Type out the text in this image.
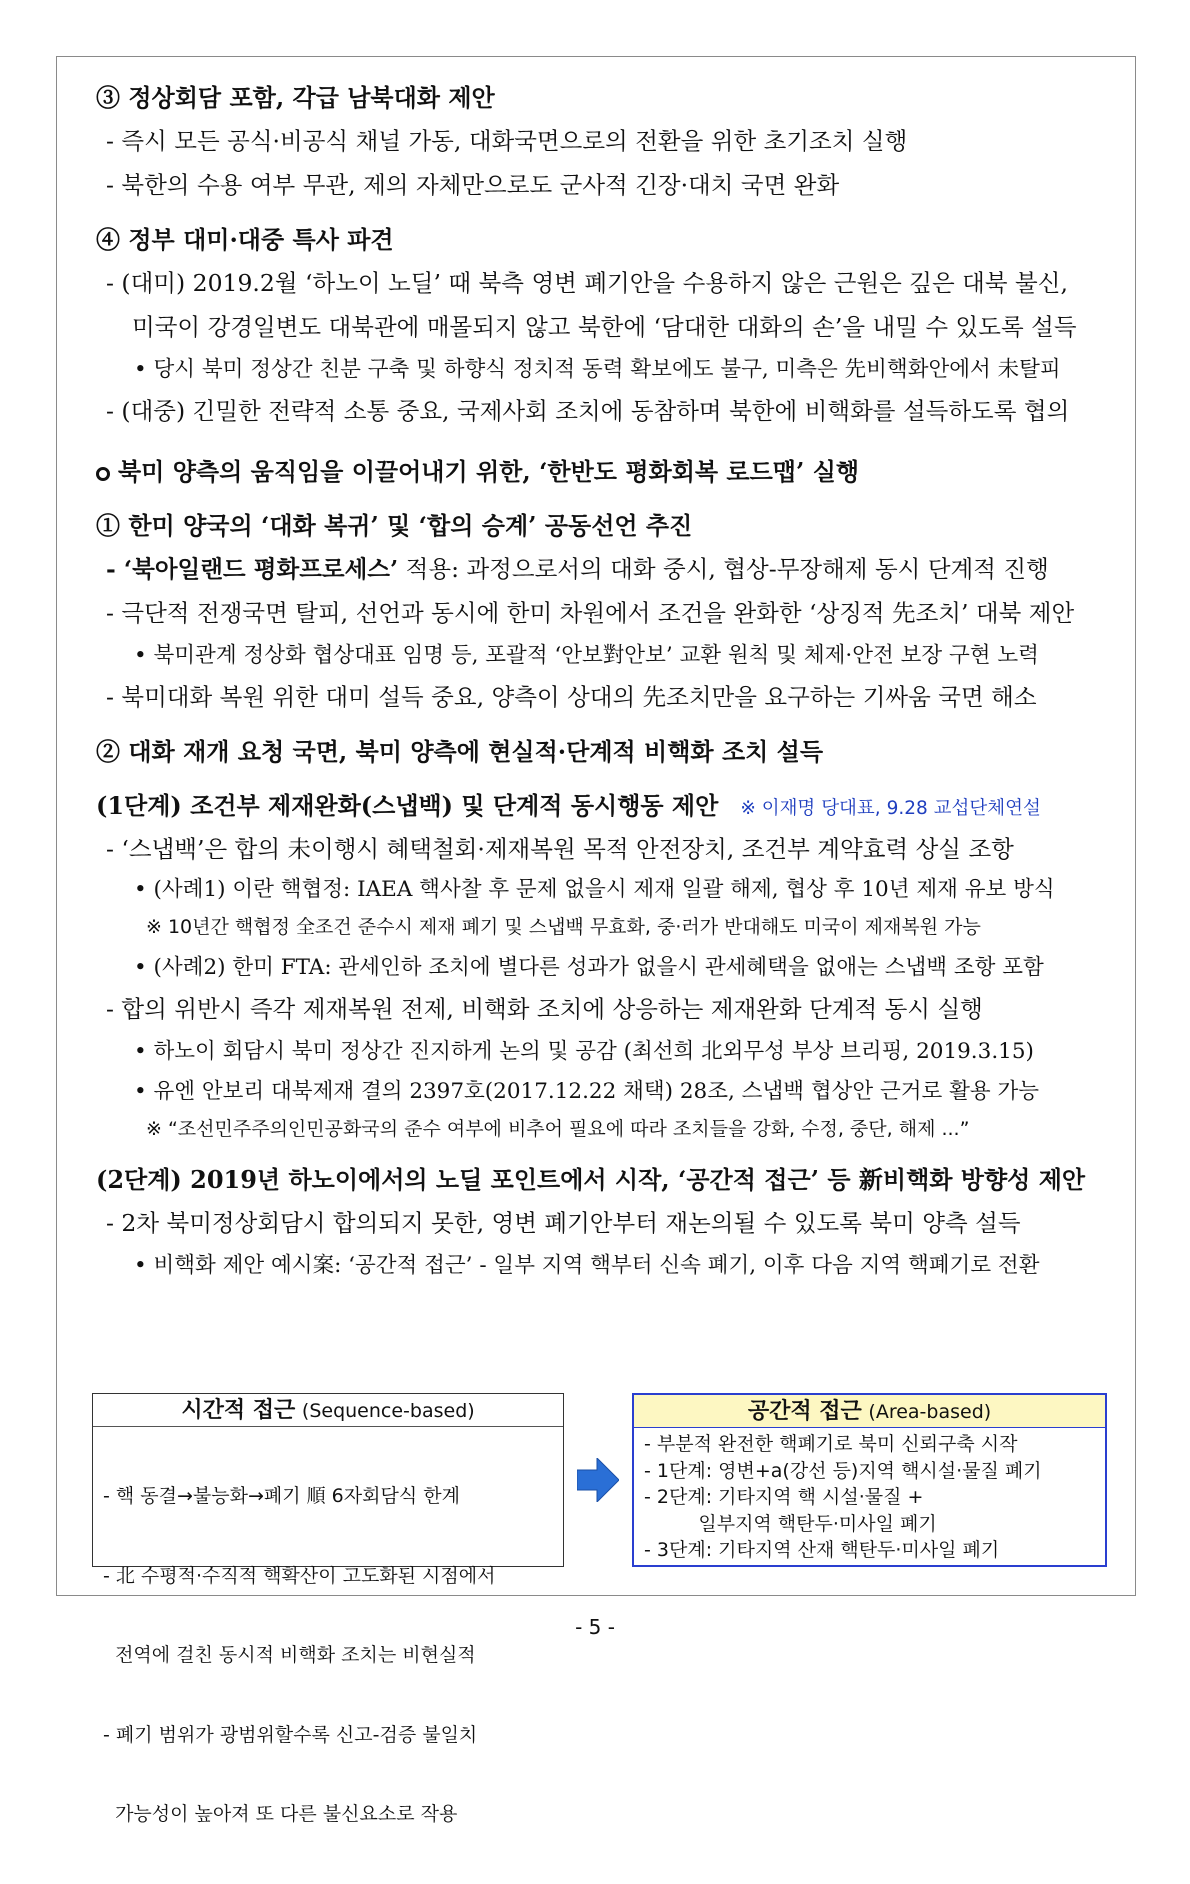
③ 정상회담 포함, 각급 남북대화 제안
- 즉시 모든 공식·비공식 채널 가동, 대화국면으로의 전환을 위한 초기조치 실행
- 북한의 수용 여부 무관, 제의 자체만으로도 군사적 긴장·대치 국면 완화
④ 정부 대미·대중 특사 파견
- (대미) 2019.2월 ‘하노이 노딜’ 때 북측 영변 폐기안을 수용하지 않은 근원은 깊은 대북 불신,
미국이 강경일변도 대북관에 매몰되지 않고 북한에 ‘담대한 대화의 손’을 내밀 수 있도록 설득
• 당시 북미 정상간 친분 구축 및 하향식 정치적 동력 확보에도 불구, 미측은 先비핵화안에서 未탈피
- (대중) 긴밀한 전략적 소통 중요, 국제사회 조치에 동참하며 북한에 비핵화를 설득하도록 협의
북미 양측의 움직임을 이끌어내기 위한, ‘한반도 평화회복 로드맵’ 실행
① 한미 양국의 ‘대화 복귀’ 및 ‘합의 승계’ 공동선언 추진
- ‘북아일랜드 평화프로세스’ 적용: 과정으로서의 대화 중시, 협상-무장해제 동시 단계적 진행
- 극단적 전쟁국면 탈피, 선언과 동시에 한미 차원에서 조건을 완화한 ‘상징적 先조치’ 대북 제안
• 북미관계 정상화 협상대표 임명 등, 포괄적 ‘안보對안보’ 교환 원칙 및 체제·안전 보장 구현 노력
- 북미대화 복원 위한 대미 설득 중요, 양측이 상대의 先조치만을 요구하는 기싸움 국면 해소
② 대화 재개 요청 국면, 북미 양측에 현실적·단계적 비핵화 조치 설득
(1단계) 조건부 제재완화(스냅백) 및 단계적 동시행동 제안 ※ 이재명 당대표, 9.28 교섭단체연설
- ‘스냅백’은 합의 未이행시 혜택철회·제재복원 목적 안전장치, 조건부 계약효력 상실 조항
• (사례1) 이란 핵협정: IAEA 핵사찰 후 문제 없을시 제재 일괄 해제, 협상 후 10년 제재 유보 방식
※ 10년간 핵협정 全조건 준수시 제재 폐기 및 스냅백 무효화, 중·러가 반대해도 미국이 제재복원 가능
• (사례2) 한미 FTA: 관세인하 조치에 별다른 성과가 없을시 관세혜택을 없애는 스냅백 조항 포함
- 합의 위반시 즉각 제재복원 전제, 비핵화 조치에 상응하는 제재완화 단계적 동시 실행
• 하노이 회담시 북미 정상간 진지하게 논의 및 공감 (최선희 北외무성 부상 브리핑, 2019.3.15)
• 유엔 안보리 대북제재 결의 2397호(2017.12.22 채택) 28조, 스냅백 협상안 근거로 활용 가능
※ “조선민주주의인민공화국의 준수 여부에 비추어 필요에 따라 조치들을 강화, 수정, 중단, 해제 ...”
(2단계) 2019년 하노이에서의 노딜 포인트에서 시작, ‘공간적 접근’ 등 新비핵화 방향성 제안
- 2차 북미정상회담시 합의되지 못한, 영변 폐기안부터 재논의될 수 있도록 북미 양측 설득
• 비핵화 제안 예시案: ‘공간적 접근’ - 일부 지역 핵부터 신속 폐기, 이후 다음 지역 핵폐기로 전환
시간적 접근 (Sequence-based)

- 핵 동결→불능화→폐기 順 6자회담식 한계

- 北 수평적·수직적 핵확산이 고도화된 시점에서

전역에 걸친 동시적 비핵화 조치는 비현실적

- 폐기 범위가 광범위할수록 신고-검증 불일치

가능성이 높아져 또 다른 불신요소로 작용

공간적 접근 (Area-based)
- 부분적 완전한 핵폐기로 북미 신뢰구축 시작
- 1단계: 영변+a(강선 등)지역 핵시설·물질 폐기
- 2단계: 기타지역 핵 시설·물질 +
일부지역 핵탄두·미사일 폐기
- 3단계: 기타지역 산재 핵탄두·미사일 폐기
- 5 -
